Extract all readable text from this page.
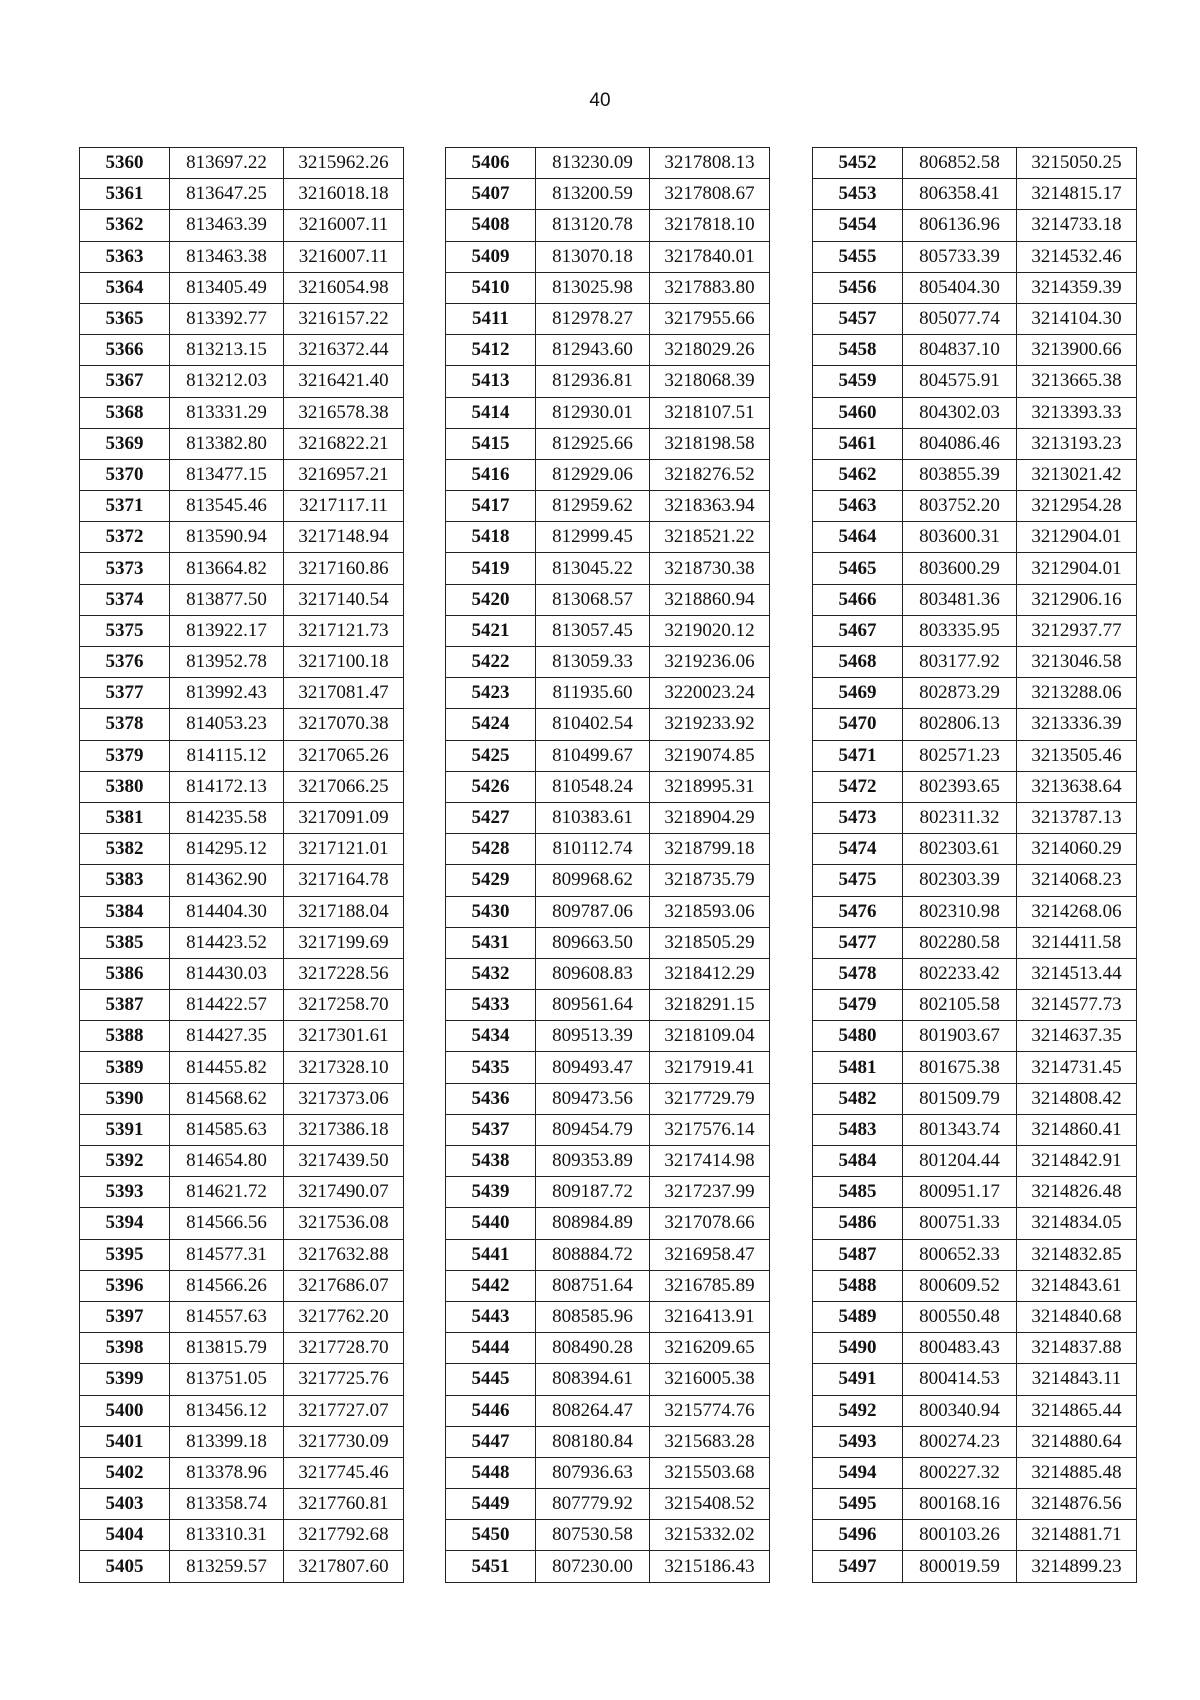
40
5360	813697.22	3215962.26
5361	813647.25	3216018.18
5362	813463.39	3216007.11
5363	813463.38	3216007.11
5364	813405.49	3216054.98
5365	813392.77	3216157.22
5366	813213.15	3216372.44
5367	813212.03	3216421.40
5368	813331.29	3216578.38
5369	813382.80	3216822.21
5370	813477.15	3216957.21
5371	813545.46	3217117.11
5372	813590.94	3217148.94
5373	813664.82	3217160.86
5374	813877.50	3217140.54
5375	813922.17	3217121.73
5376	813952.78	3217100.18
5377	813992.43	3217081.47
5378	814053.23	3217070.38
5379	814115.12	3217065.26
5380	814172.13	3217066.25
5381	814235.58	3217091.09
5382	814295.12	3217121.01
5383	814362.90	3217164.78
5384	814404.30	3217188.04
5385	814423.52	3217199.69
5386	814430.03	3217228.56
5387	814422.57	3217258.70
5388	814427.35	3217301.61
5389	814455.82	3217328.10
5390	814568.62	3217373.06
5391	814585.63	3217386.18
5392	814654.80	3217439.50
5393	814621.72	3217490.07
5394	814566.56	3217536.08
5395	814577.31	3217632.88
5396	814566.26	3217686.07
5397	814557.63	3217762.20
5398	813815.79	3217728.70
5399	813751.05	3217725.76
5400	813456.12	3217727.07
5401	813399.18	3217730.09
5402	813378.96	3217745.46
5403	813358.74	3217760.81
5404	813310.31	3217792.68
5405	813259.57	3217807.60
5406	813230.09	3217808.13
5407	813200.59	3217808.67
5408	813120.78	3217818.10
5409	813070.18	3217840.01
5410	813025.98	3217883.80
5411	812978.27	3217955.66
5412	812943.60	3218029.26
5413	812936.81	3218068.39
5414	812930.01	3218107.51
5415	812925.66	3218198.58
5416	812929.06	3218276.52
5417	812959.62	3218363.94
5418	812999.45	3218521.22
5419	813045.22	3218730.38
5420	813068.57	3218860.94
5421	813057.45	3219020.12
5422	813059.33	3219236.06
5423	811935.60	3220023.24
5424	810402.54	3219233.92
5425	810499.67	3219074.85
5426	810548.24	3218995.31
5427	810383.61	3218904.29
5428	810112.74	3218799.18
5429	809968.62	3218735.79
5430	809787.06	3218593.06
5431	809663.50	3218505.29
5432	809608.83	3218412.29
5433	809561.64	3218291.15
5434	809513.39	3218109.04
5435	809493.47	3217919.41
5436	809473.56	3217729.79
5437	809454.79	3217576.14
5438	809353.89	3217414.98
5439	809187.72	3217237.99
5440	808984.89	3217078.66
5441	808884.72	3216958.47
5442	808751.64	3216785.89
5443	808585.96	3216413.91
5444	808490.28	3216209.65
5445	808394.61	3216005.38
5446	808264.47	3215774.76
5447	808180.84	3215683.28
5448	807936.63	3215503.68
5449	807779.92	3215408.52
5450	807530.58	3215332.02
5451	807230.00	3215186.43
5452	806852.58	3215050.25
5453	806358.41	3214815.17
5454	806136.96	3214733.18
5455	805733.39	3214532.46
5456	805404.30	3214359.39
5457	805077.74	3214104.30
5458	804837.10	3213900.66
5459	804575.91	3213665.38
5460	804302.03	3213393.33
5461	804086.46	3213193.23
5462	803855.39	3213021.42
5463	803752.20	3212954.28
5464	803600.31	3212904.01
5465	803600.29	3212904.01
5466	803481.36	3212906.16
5467	803335.95	3212937.77
5468	803177.92	3213046.58
5469	802873.29	3213288.06
5470	802806.13	3213336.39
5471	802571.23	3213505.46
5472	802393.65	3213638.64
5473	802311.32	3213787.13
5474	802303.61	3214060.29
5475	802303.39	3214068.23
5476	802310.98	3214268.06
5477	802280.58	3214411.58
5478	802233.42	3214513.44
5479	802105.58	3214577.73
5480	801903.67	3214637.35
5481	801675.38	3214731.45
5482	801509.79	3214808.42
5483	801343.74	3214860.41
5484	801204.44	3214842.91
5485	800951.17	3214826.48
5486	800751.33	3214834.05
5487	800652.33	3214832.85
5488	800609.52	3214843.61
5489	800550.48	3214840.68
5490	800483.43	3214837.88
5491	800414.53	3214843.11
5492	800340.94	3214865.44
5493	800274.23	3214880.64
5494	800227.32	3214885.48
5495	800168.16	3214876.56
5496	800103.26	3214881.71
5497	800019.59	3214899.23
